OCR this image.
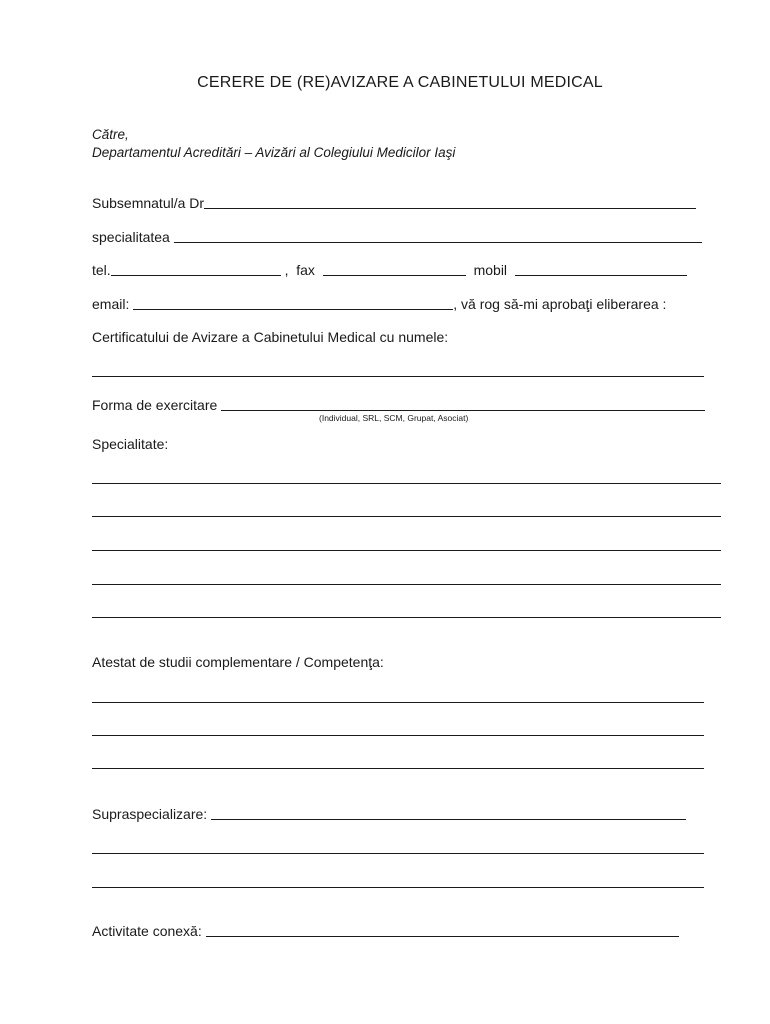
CERERE DE (RE)AVIZARE A CABINETULUI MEDICAL
Către,
Departamentul Acreditări – Avizări al Colegiului Medicilor Iaşi
Subsemnatul/a Dr
specialitatea
tel.	,  fax	mobil
email:	, vă rog să-mi aprobaţi eliberarea :
Certificatului de Avizare a Cabinetului Medical cu numele:
Forma de exercitare
(Individual, SRL, SCM, Grupat, Asociat)
Specialitate:
Atestat de studii complementare / Competenţa:
Supraspecializare:
Activitate conexă:
